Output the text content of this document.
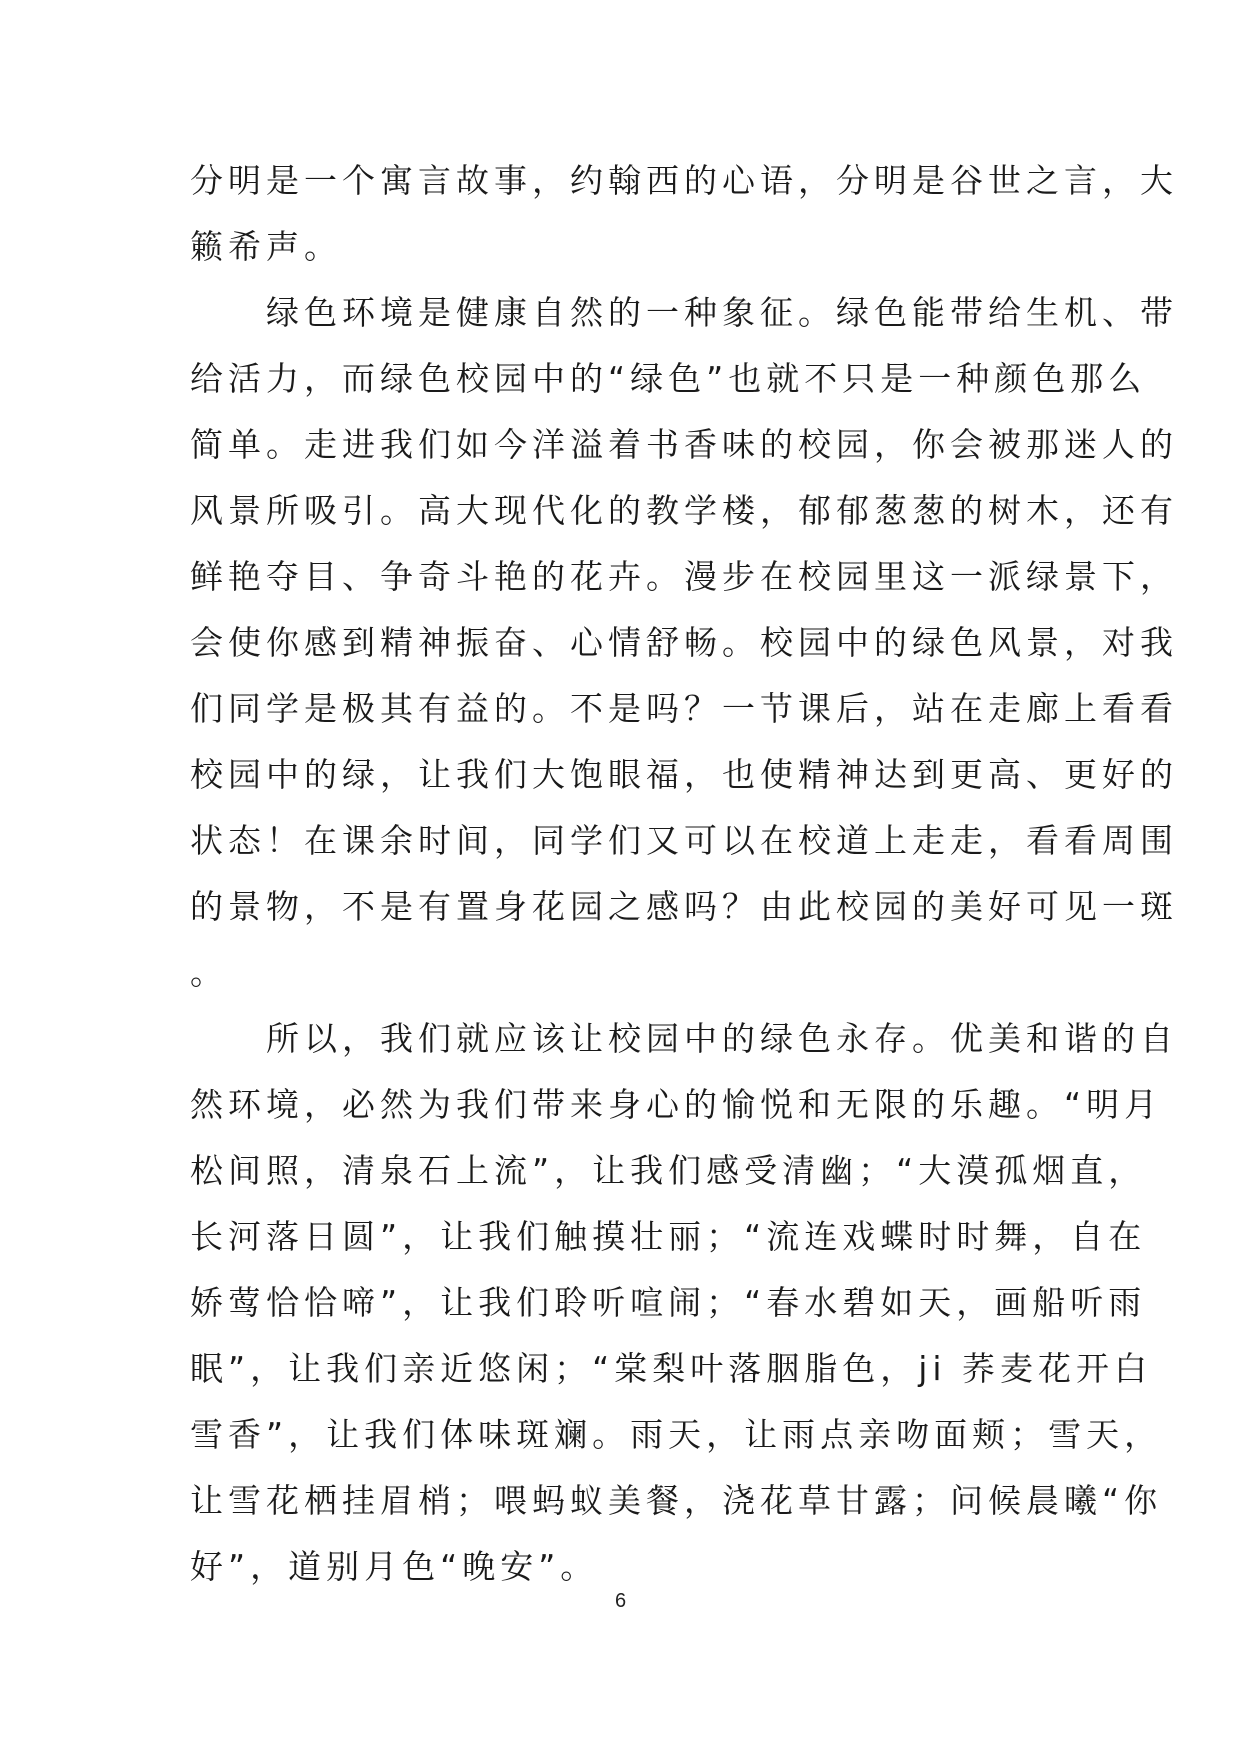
分明是一个寓言故事，约翰西的心语，分明是谷世之言，大
籁希声。
　　绿色环境是健康自然的一种象征。绿色能带给生机、带
给活力，而绿色校园中的“绿色”也就不只是一种颜色那么
简单。走进我们如今洋溢着书香味的校园，你会被那迷人的
风景所吸引。高大现代化的教学楼，郁郁葱葱的树木，还有
鲜艳夺目、争奇斗艳的花卉。漫步在校园里这一派绿景下，
会使你感到精神振奋、心情舒畅。校园中的绿色风景，对我
们同学是极其有益的。不是吗？一节课后，站在走廊上看看
校园中的绿，让我们大饱眼福，也使精神达到更高、更好的
状态！在课余时间，同学们又可以在校道上走走，看看周围
的景物，不是有置身花园之感吗？由此校园的美好可见一斑
。
　　所以，我们就应该让校园中的绿色永存。优美和谐的自
然环境，必然为我们带来身心的愉悦和无限的乐趣。“明月
松间照，清泉石上流”，让我们感受清幽；“大漠孤烟直，
长河落日圆”，让我们触摸壮丽；“流连戏蝶时时舞，自在
娇莺恰恰啼”，让我们聆听喧闹；“春水碧如天，画船听雨
眠”，让我们亲近悠闲；“棠梨叶落胭脂色，ji 荞麦花开白
雪香”，让我们体味斑斓。雨天，让雨点亲吻面颊；雪天，
让雪花栖挂眉梢；喂蚂蚁美餐，浇花草甘露；问候晨曦“你
好”，道别月色“晚安”。
6
